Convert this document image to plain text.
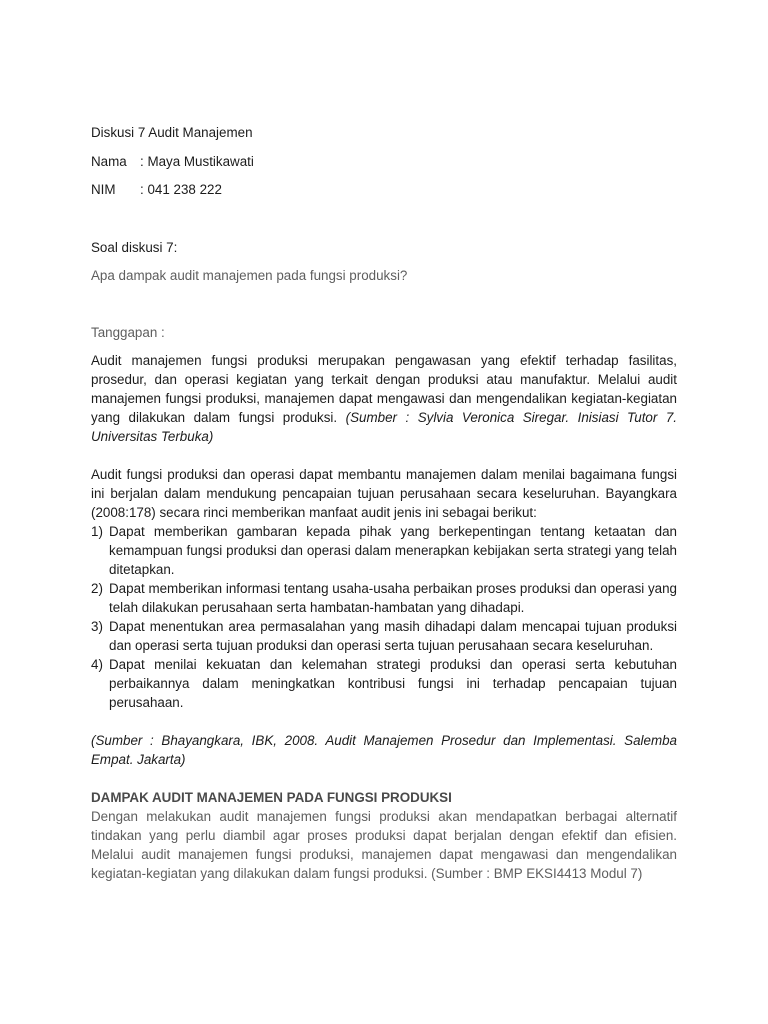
Diskusi 7 Audit Manajemen
Nama : Maya Mustikawati
NIM : 041 238 222
Soal diskusi 7:
Apa dampak audit manajemen pada fungsi produksi?
Tanggapan :
Audit manajemen fungsi produksi merupakan pengawasan yang efektif terhadap fasilitas, prosedur, dan operasi kegiatan yang terkait dengan produksi atau manufaktur. Melalui audit manajemen fungsi produksi, manajemen dapat mengawasi dan mengendalikan kegiatan-kegiatan yang dilakukan dalam fungsi produksi. (Sumber : Sylvia Veronica Siregar. Inisiasi Tutor 7. Universitas Terbuka)
Audit fungsi produksi dan operasi dapat membantu manajemen dalam menilai bagaimana fungsi ini berjalan dalam mendukung pencapaian tujuan perusahaan secara keseluruhan. Bayangkara (2008:178) secara rinci memberikan manfaat audit jenis ini sebagai berikut:
1) Dapat memberikan gambaran kepada pihak yang berkepentingan tentang ketaatan dan kemampuan fungsi produksi dan operasi dalam menerapkan kebijakan serta strategi yang telah ditetapkan.
2) Dapat memberikan informasi tentang usaha-usaha perbaikan proses produksi dan operasi yang telah dilakukan perusahaan serta hambatan-hambatan yang dihadapi.
3) Dapat menentukan area permasalahan yang masih dihadapi dalam mencapai tujuan produksi dan operasi serta tujuan produksi dan operasi serta tujuan perusahaan secara keseluruhan.
4) Dapat menilai kekuatan dan kelemahan strategi produksi dan operasi serta kebutuhan perbaikannya dalam meningkatkan kontribusi fungsi ini terhadap pencapaian tujuan perusahaan.
(Sumber : Bhayangkara, IBK, 2008. Audit Manajemen Prosedur dan Implementasi. Salemba Empat. Jakarta)
DAMPAK AUDIT MANAJEMEN PADA FUNGSI PRODUKSI
Dengan melakukan audit manajemen fungsi produksi akan mendapatkan berbagai alternatif tindakan yang perlu diambil agar proses produksi dapat berjalan dengan efektif dan efisien. Melalui audit manajemen fungsi produksi, manajemen dapat mengawasi dan mengendalikan kegiatan-kegiatan yang dilakukan dalam fungsi produksi. (Sumber : BMP EKSI4413 Modul 7)
